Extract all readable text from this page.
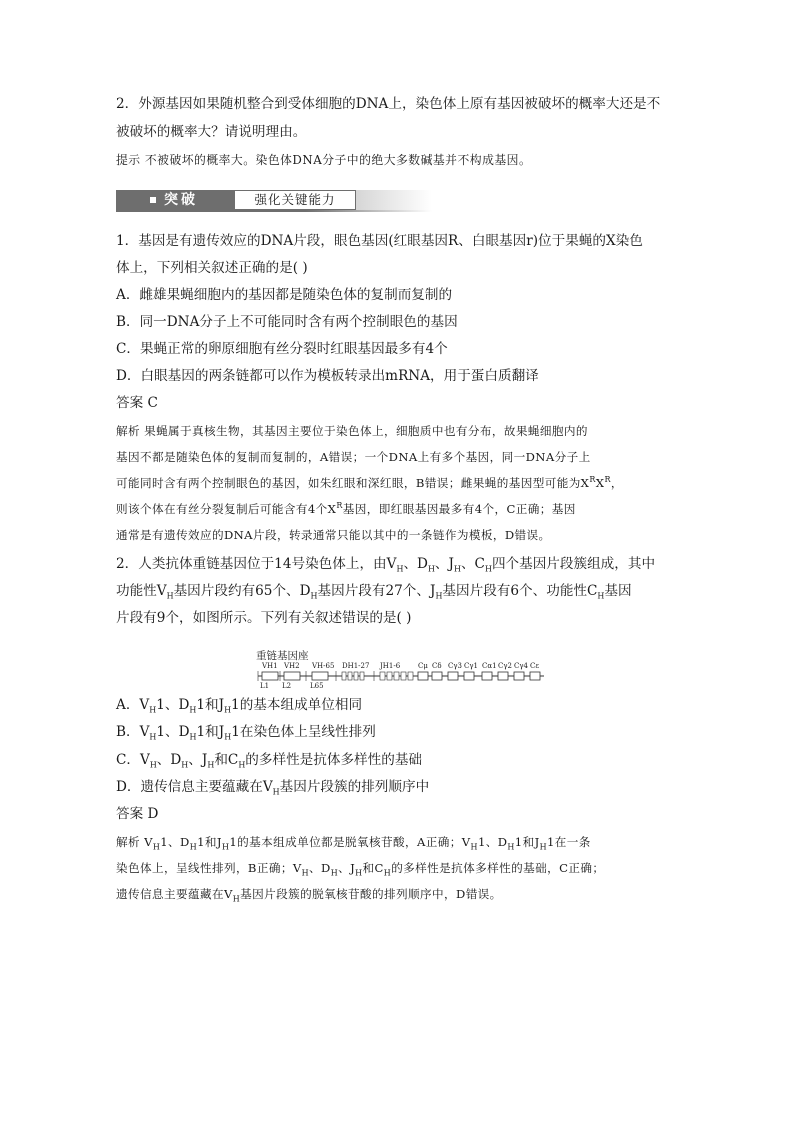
2．外源基因如果随机整合到受体细胞的DNA上，染色体上原有基因被破坏的概率大还是不
被破坏的概率大？请说明理由。
提示 不被破坏的概率大。染色体DNA分子中的绝大多数碱基并不构成基因。
突破	强化关键能力
1．基因是有遗传效应的DNA片段，眼色基因(红眼基因R、白眼基因r)位于果蝇的X染色
体上，下列相关叙述正确的是( )
A．雌雄果蝇细胞内的基因都是随染色体的复制而复制的
B．同一DNA分子上不可能同时含有两个控制眼色的基因
C．果蝇正常的卵原细胞有丝分裂时红眼基因最多有4个
D．白眼基因的两条链都可以作为模板转录出mRNA，用于蛋白质翻译
答案 C
解析 果蝇属于真核生物，其基因主要位于染色体上，细胞质中也有分布，故果蝇细胞内的
基因不都是随染色体的复制而复制的，A错误；一个DNA上有多个基因，同一DNA分子上
可能同时含有两个控制眼色的基因，如朱红眼和深红眼，B错误；雌果蝇的基因型可能为$X^RX^R$，
则该个体在有丝分裂复制后可能含有4个$X^R$基因，即红眼基因最多有4个，C正确；基因
通常是有遗传效应的DNA片段，转录通常只能以其中的一条链作为模板，D错误。
2．人类抗体重链基因位于14号染色体上，由$V_H$、$D_H$、$J_H$、$C_H$四个基因片段簇组成，其中
功能性$V_H$基因片段约有65个、$D_H$基因片段有27个、$J_H$基因片段有6个、功能性$C_H$基因
片段有9个，如图所示。下列有关叙述错误的是( )
重链基因座
VH1 VH2 VH-65 DH1-27 JH1-6	Cμ Cδ Cγ3 Cγ1 Cα1 Cγ2 Cγ4 Cε
L1 L2	L65
A．$V_H1$、$D_H1$和$J_H1$的基本组成单位相同
B．$V_H1$、$D_H1$和$J_H1$在染色体上呈线性排列
C．$V_H$、$D_H$、$J_H$和$C_H$的多样性是抗体多样性的基础
D．遗传信息主要蕴藏在$V_H$基因片段簇的排列顺序中
答案 D
解析 $V_H1$、$D_H1$和$J_H1$的基本组成单位都是脱氧核苷酸，A正确；$V_H1$、$D_H1$和$J_H1$在一条
染色体上，呈线性排列，B正确；$V_H$、$D_H$、$J_H$和$C_H$的多样性是抗体多样性的基础，C正确；
遗传信息主要蕴藏在$V_H$基因片段簇的脱氧核苷酸的排列顺序中，D错误。
